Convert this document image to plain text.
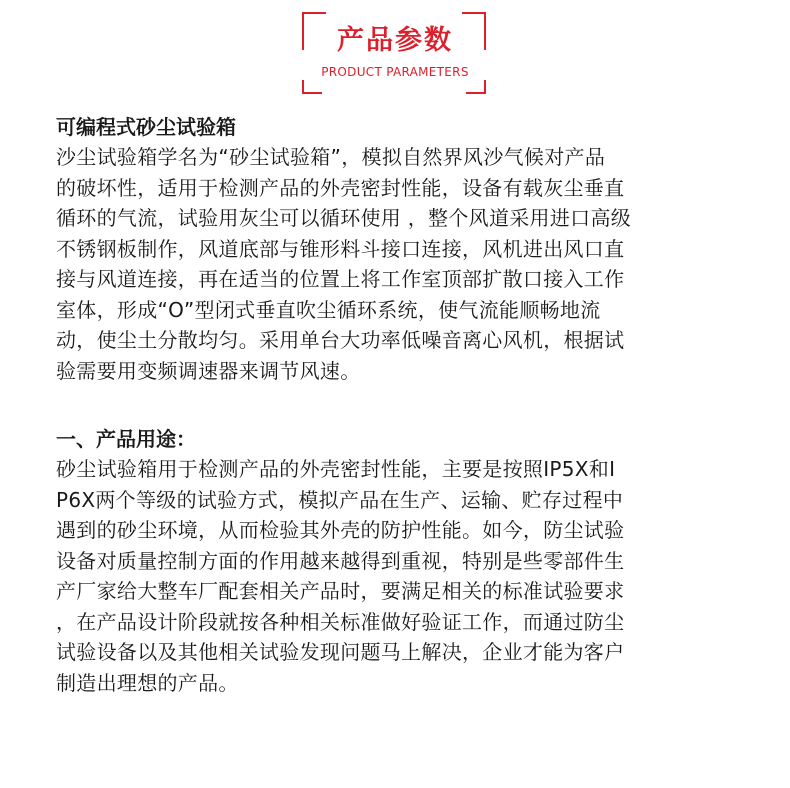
产品参数
PRODUCT PARAMETERS

可编程式砂尘试验箱

沙尘试验箱学名为“砂尘试验箱”，模拟自然界风沙气候对产品
的破坏性，适用于检测产品的外壳密封性能，设备有载灰尘垂直
循环的气流，试验用灰尘可以循环使用 ，整个风道采用进口高级
不锈钢板制作，风道底部与锥形料斗接口连接，风机进出风口直
接与风道连接，再在适当的位置上将工作室顶部扩散口接入工作
室体，形成“O”型闭式垂直吹尘循环系统，使气流能顺畅地流
动，使尘土分散均匀。采用单台大功率低噪音离心风机，根据试
验需要用变频调速器来调节风速。

一、产品用途：

砂尘试验箱用于检测产品的外壳密封性能，主要是按照IP5X和I
P6X两个等级的试验方式，模拟产品在生产、运输、贮存过程中
遇到的砂尘环境，从而检验其外壳的防护性能。如今，防尘试验
设备对质量控制方面的作用越来越得到重视，特别是些零部件生
产厂家给大整车厂配套相关产品时，要满足相关的标准试验要求
，在产品设计阶段就按各种相关标准做好验证工作，而通过防尘
试验设备以及其他相关试验发现问题马上解决，企业才能为客户
制造出理想的产品。
